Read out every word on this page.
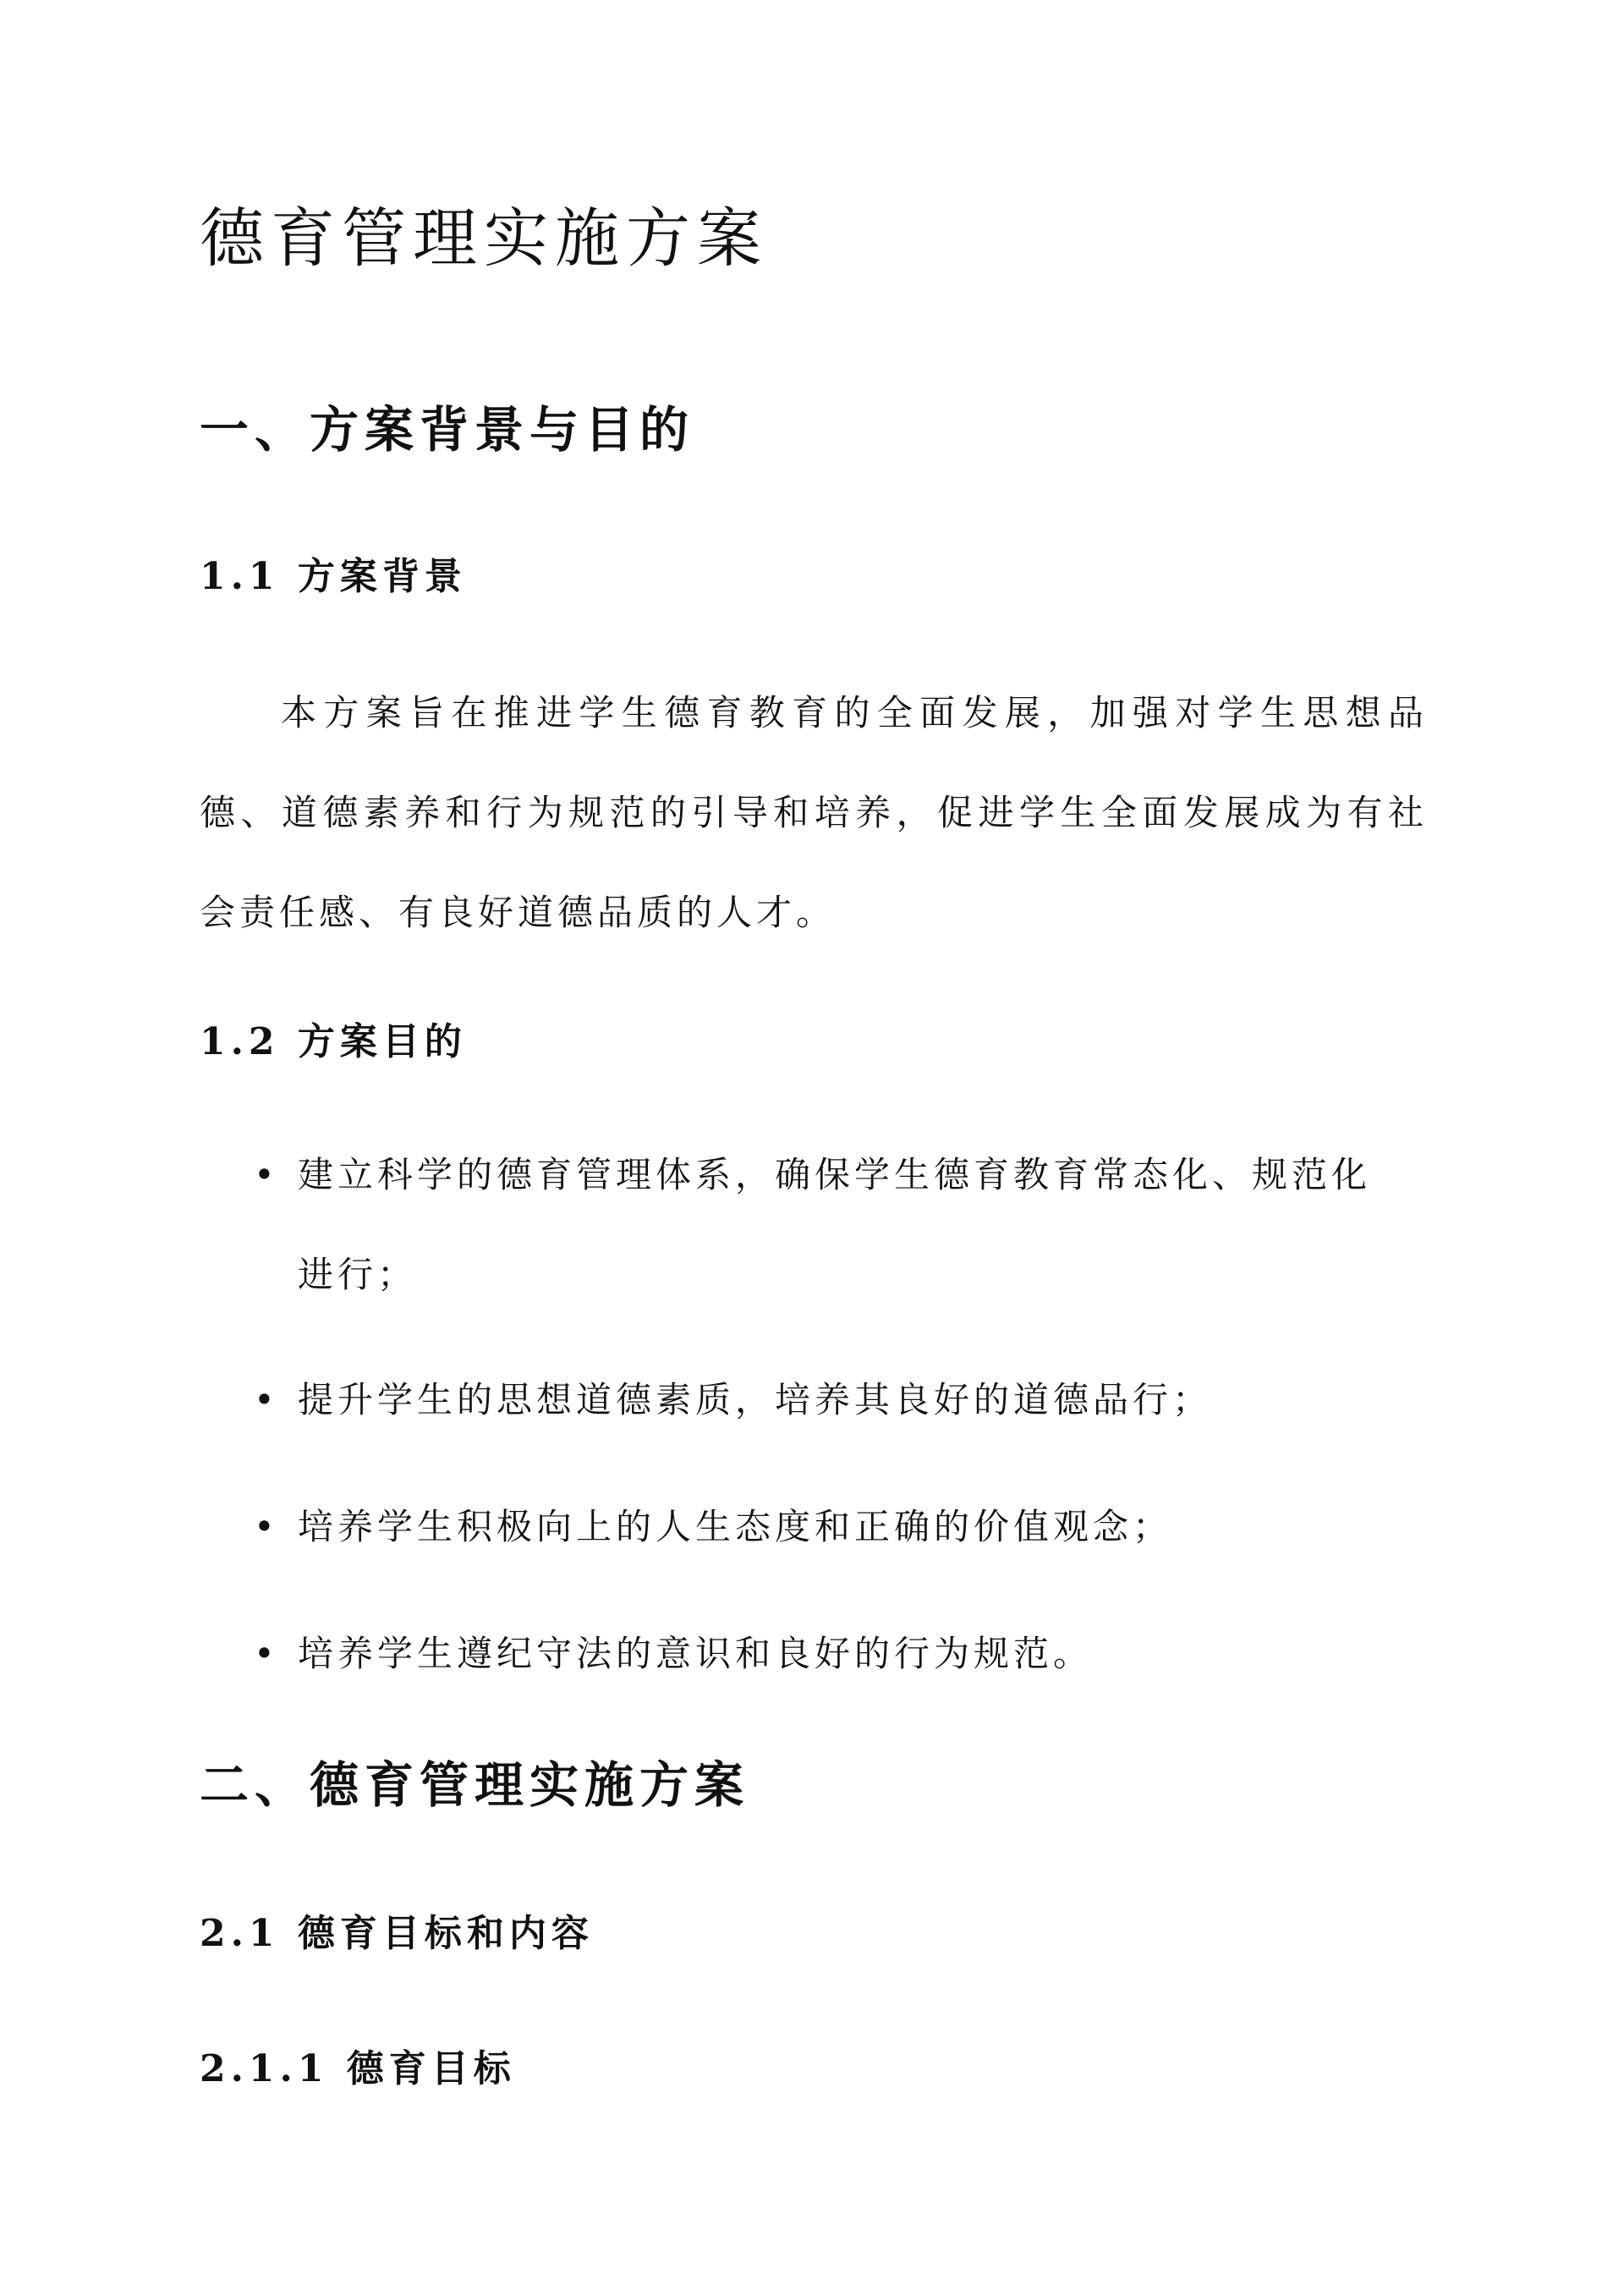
德育管理实施方案
一、方案背景与目的
1.1 方案背景

本方案旨在推进学生德育教育的全面发展，加强对学生思想品德、道德素养和行为规范的引导和培养，促进学生全面发展成为有社会责任感、有良好道德品质的人才。

1.2 方案目的
• 建立科学的德育管理体系，确保学生德育教育常态化、规范化进行；
• 提升学生的思想道德素质，培养其良好的道德品行；
• 培养学生积极向上的人生态度和正确的价值观念；
• 培养学生遵纪守法的意识和良好的行为规范。
二、德育管理实施方案
2.1 德育目标和内容
2.1.1 德育目标
